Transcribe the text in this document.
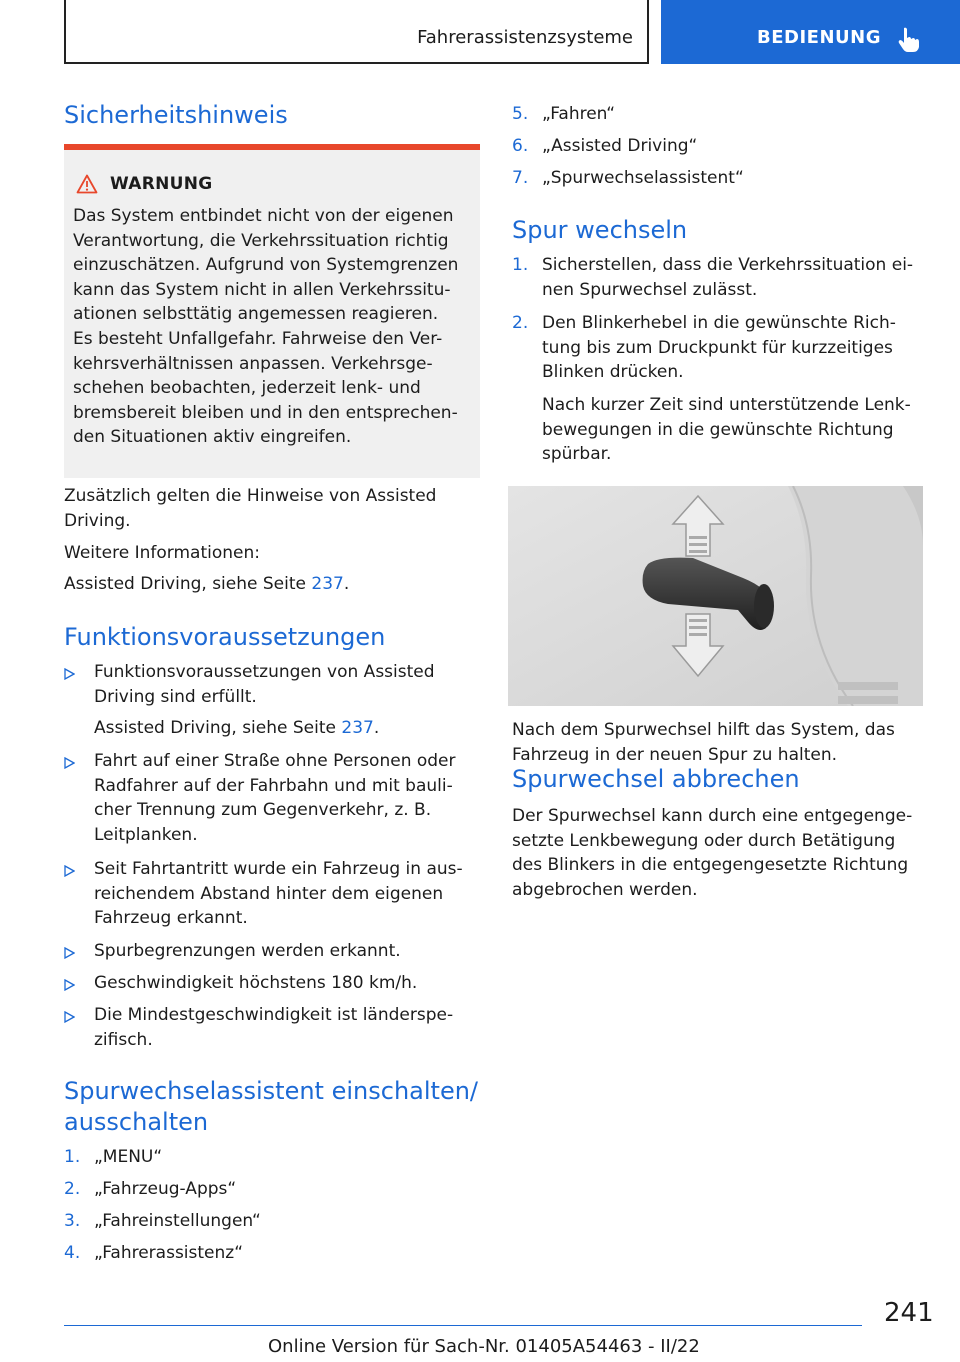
Fahrerassistenzsysteme	BEDIENUNG
Sicherheitshinweis
WARNUNG
Das System entbindet nicht von der eigenen
Verantwortung, die Verkehrssituation richtig
einzuschätzen. Aufgrund von Systemgrenzen
kann das System nicht in allen Verkehrssitu-
ationen selbsttätig angemessen reagieren.
Es besteht Unfallgefahr. Fahrweise den Ver-
kehrsverhältnissen anpassen. Verkehrsge-
schehen beobachten, jederzeit lenk- und
bremsbereit bleiben und in den entsprechen-
den Situationen aktiv eingreifen.
Zusätzlich gelten die Hinweise von Assisted
Driving.
Weitere Informationen:
Assisted Driving, siehe Seite 237.
Funktionsvoraussetzungen
Funktionsvoraussetzungen von Assisted
Driving sind erfüllt.
Assisted Driving, siehe Seite 237.
Fahrt auf einer Straße ohne Personen oder
Radfahrer auf der Fahrbahn und mit bauli-
cher Trennung zum Gegenverkehr, z. B.
Leitplanken.
Seit Fahrtantritt wurde ein Fahrzeug in aus-
reichendem Abstand hinter dem eigenen
Fahrzeug erkannt.
Spurbegrenzungen werden erkannt.
Geschwindigkeit höchstens 180 km/h.
Die Mindestgeschwindigkeit ist länderspe-
zifisch.
Spurwechselassistent einschalten/
ausschalten
1. „MENU“
2. „Fahrzeug-Apps“
3. „Fahreinstellungen“
4. „Fahrerassistenz“
5. „Fahren“
6. „Assisted Driving“
7. „Spurwechselassistent“
Spur wechseln
1. Sicherstellen, dass die Verkehrssituation ei-
nen Spurwechsel zulässt.
2. Den Blinkerhebel in die gewünschte Rich-
tung bis zum Druckpunkt für kurzzeitiges
Blinken drücken.
Nach kurzer Zeit sind unterstützende Lenk-
bewegungen in die gewünschte Richtung
spürbar.
Nach dem Spurwechsel hilft das System, das
Fahrzeug in der neuen Spur zu halten.
Spurwechsel abbrechen
Der Spurwechsel kann durch eine entgegenge-
setzte Lenkbewegung oder durch Betätigung
des Blinkers in die entgegengesetzte Richtung
abgebrochen werden.
241
Online Version für Sach-Nr. 01405A54463 - II/22
